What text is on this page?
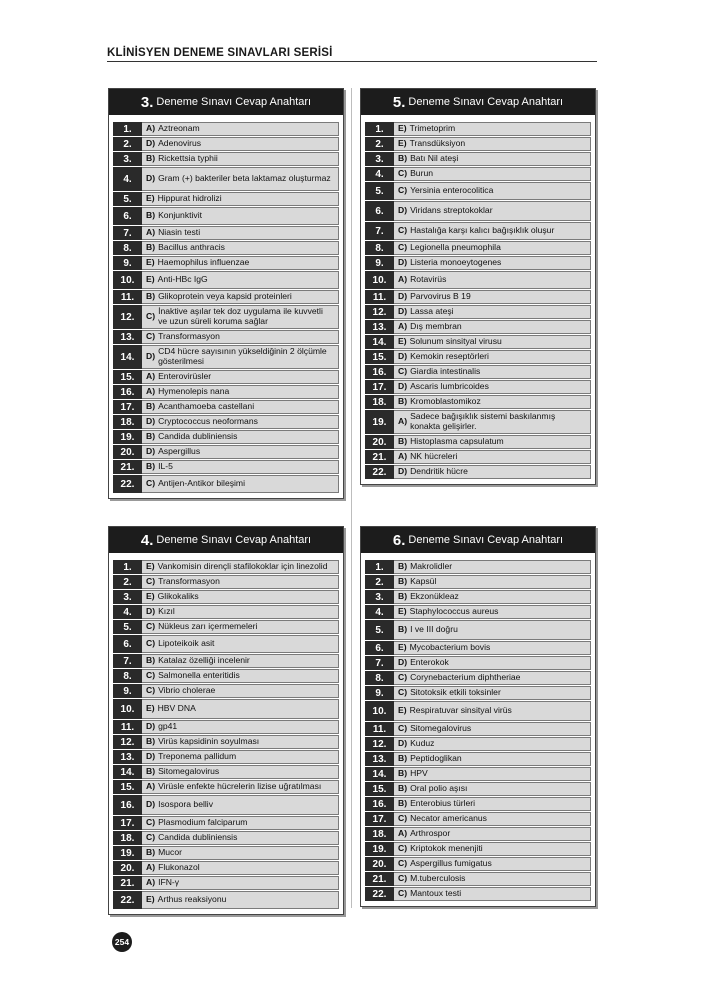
KLİNİSYEN DENEME SINAVLARI SERİSİ
3. Deneme Sınavı Cevap Anahtarı
1.	A) Aztreonam
2.	D) Adenovirus
3.	B) Rickettsia typhii
4.	D) Gram (+) bakteriler beta laktamaz oluşturmaz
5.	E) Hippurat hidrolizi
6.	B) Konjunktivit
7.	A) Niasin testi
8.	B) Bacillus anthracis
9.	E) Haemophilus influenzae
10.	E) Anti-HBc IgG
11.	B) Glikoprotein veya kapsid proteinleri
12.	C) İnaktive aşılar tek doz uygulama ile kuvvetli ve uzun süreli koruma sağlar
13.	C) Transformasyon
14.	D) CD4 hücre sayısının yükseldiğinin 2 ölçümle gösterilmesi
15.	A) Enterovirüsler
16.	A) Hymenolepis nana
17.	B) Acanthamoeba castellani
18.	D) Cryptococcus neoformans
19.	B) Candida dubliniensis
20.	D) Aspergillus
21.	B) IL-5
22.	C) Antijen-Antikor bileşimi
5. Deneme Sınavı Cevap Anahtarı
1.	E) Trimetoprim
2.	E) Transdüksiyon
3.	B) Batı Nil ateşi
4.	C) Burun
5.	C) Yersinia enterocolitica
6.	D) Viridans streptokoklar
7.	C) Hastalığa karşı kalıcı bağışıklık oluşur
8.	C) Legionella pneumophila
9.	D) Listeria monoeytogenes
10.	A) Rotavirüs
11.	D) Parvovirus B 19
12.	D) Lassa ateşi
13.	A) Dış membran
14.	E) Solunum sinsityal virusu
15.	D) Kemokin reseptörleri
16.	C) Giardia intestinalis
17.	D) Ascaris lumbricoides
18.	B) Kromoblastomikoz
19.	A) Sadece bağışıklık sistemi baskılanmış konakta gelişirler.
20.	B) Histoplasma capsulatum
21.	A) NK hücreleri
22.	D) Dendritik hücre
4. Deneme Sınavı Cevap Anahtarı
1.	E) Vankomisin dirençli stafilokoklar için linezolid
2.	C) Transformasyon
3.	E) Glikokaliks
4.	D) Kızıl
5.	C) Nükleus zarı içermemeleri
6.	C) Lipoteikoik asit
7.	B) Katalaz özelliği incelenir
8.	C) Salmonella enteritidis
9.	C) Vibrio cholerae
10.	E) HBV DNA
11.	D) gp41
12.	B) Virüs kapsidinin soyulması
13.	D) Treponema pallidum
14.	B) Sitomegalovirus
15.	A) Virüsle enfekte hücrelerin lizise uğratılması
16.	D) Isospora belliv
17.	C) Plasmodium falciparum
18.	C) Candida dubliniensis
19.	B) Mucor
20.	A) Flukonazol
21.	A) IFN-γ
22.	E) Arthus reaksiyonu
6. Deneme Sınavı Cevap Anahtarı
1.	B) Makrolidler
2.	B) Kapsül
3.	B) Ekzonükleaz
4.	E) Staphylococcus aureus
5.	B) I ve III doğru
6.	E) Mycobacterium bovis
7.	D) Enterokok
8.	C) Corynebacterium diphtheriae
9.	C) Sitotoksik etkili toksinler
10.	E) Respiratuvar sinsityal virüs
11.	C) Sitomegalovirus
12.	D) Kuduz
13.	B) Peptidoglikan
14.	B) HPV
15.	B) Oral polio aşısı
16.	B) Enterobius türleri
17.	C) Necator americanus
18.	A) Arthrospor
19.	C) Kriptokok menenjiti
20.	C) Aspergillus fumigatus
21.	C) M.tuberculosis
22.	C) Mantoux testi
254
